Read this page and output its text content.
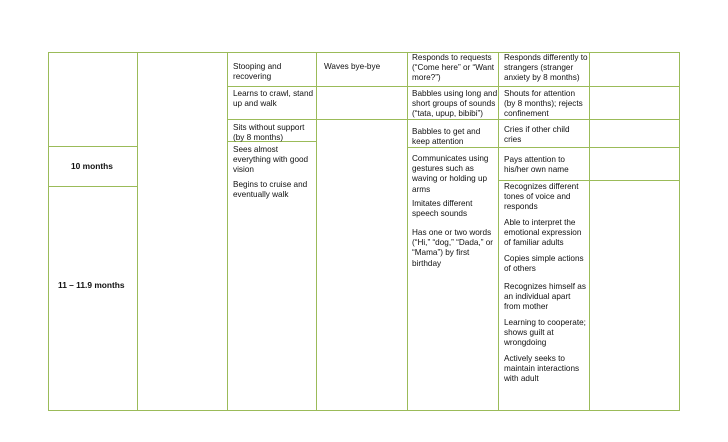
10 months
11 – 11.9 months
Stooping and recovering
Learns to crawl, stand up and walk
Sits without support (by 8 months)
Sees almost everything with good vision
Begins to cruise and eventually walk
Waves bye-bye
Responds to requests (“Come here” or “Want more?”)
Babbles using long and short groups of sounds (“tata, upup, bibibi”)
Babbles to get and keep attention
Communicates using gestures such as waving or holding up arms
Imitates different speech sounds
Has one or two words (“Hi,” “dog,” “Dada,” or “Mama”) by first birthday
Responds differently to strangers (stranger anxiety by 8 months)
Shouts for attention (by 8 months); rejects confinement
Cries if other child cries
Pays attention to his/her own name
Recognizes different tones of voice and responds
Able to interpret the emotional expression of familiar adults
Copies simple actions of others
Recognizes himself as an individual apart from mother
Learning to cooperate; shows guilt at wrongdoing
Actively seeks to maintain interactions with adult
